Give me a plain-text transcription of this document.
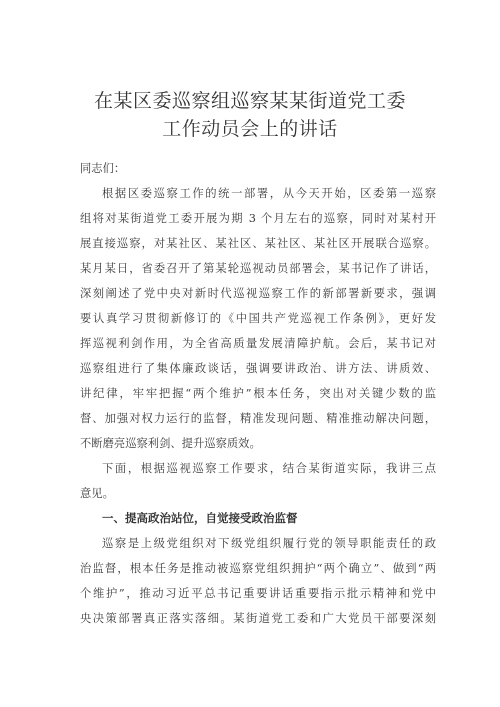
在某区委巡察组巡察某某街道党工委
工作动员会上的讲话
同志们：
根据区委巡察工作的统一部署，从今天开始，区委第一巡察
组将对某街道党工委开展为期 3 个月左右的巡察，同时对某村开
展直接巡察，对某社区、某社区、某社区、某社区开展联合巡察。
某月某日，省委召开了第某轮巡视动员部署会，某书记作了讲话，
深刻阐述了党中央对新时代巡视巡察工作的新部署新要求，强调
要认真学习贯彻新修订的《中国共产党巡视工作条例》，更好发
挥巡视利剑作用，为全省高质量发展清障护航。会后，某书记对
巡察组进行了集体廉政谈话，强调要讲政治、讲方法、讲质效、
讲纪律，牢牢把握“两个维护”根本任务，突出对关键少数的监
督、加强对权力运行的监督，精准发现问题、精准推动解决问题，
不断磨亮巡察利剑、提升巡察质效。
下面，根据巡视巡察工作要求，结合某街道实际，我讲三点
意见。
一、提高政治站位，自觉接受政治监督
巡察是上级党组织对下级党组织履行党的领导职能责任的政
治监督，根本任务是推动被巡察党组织拥护“两个确立”、做到“两
个维护”，推动习近平总书记重要讲话重要指示批示精神和党中
央决策部署真正落实落细。某街道党工委和广大党员干部要深刻
